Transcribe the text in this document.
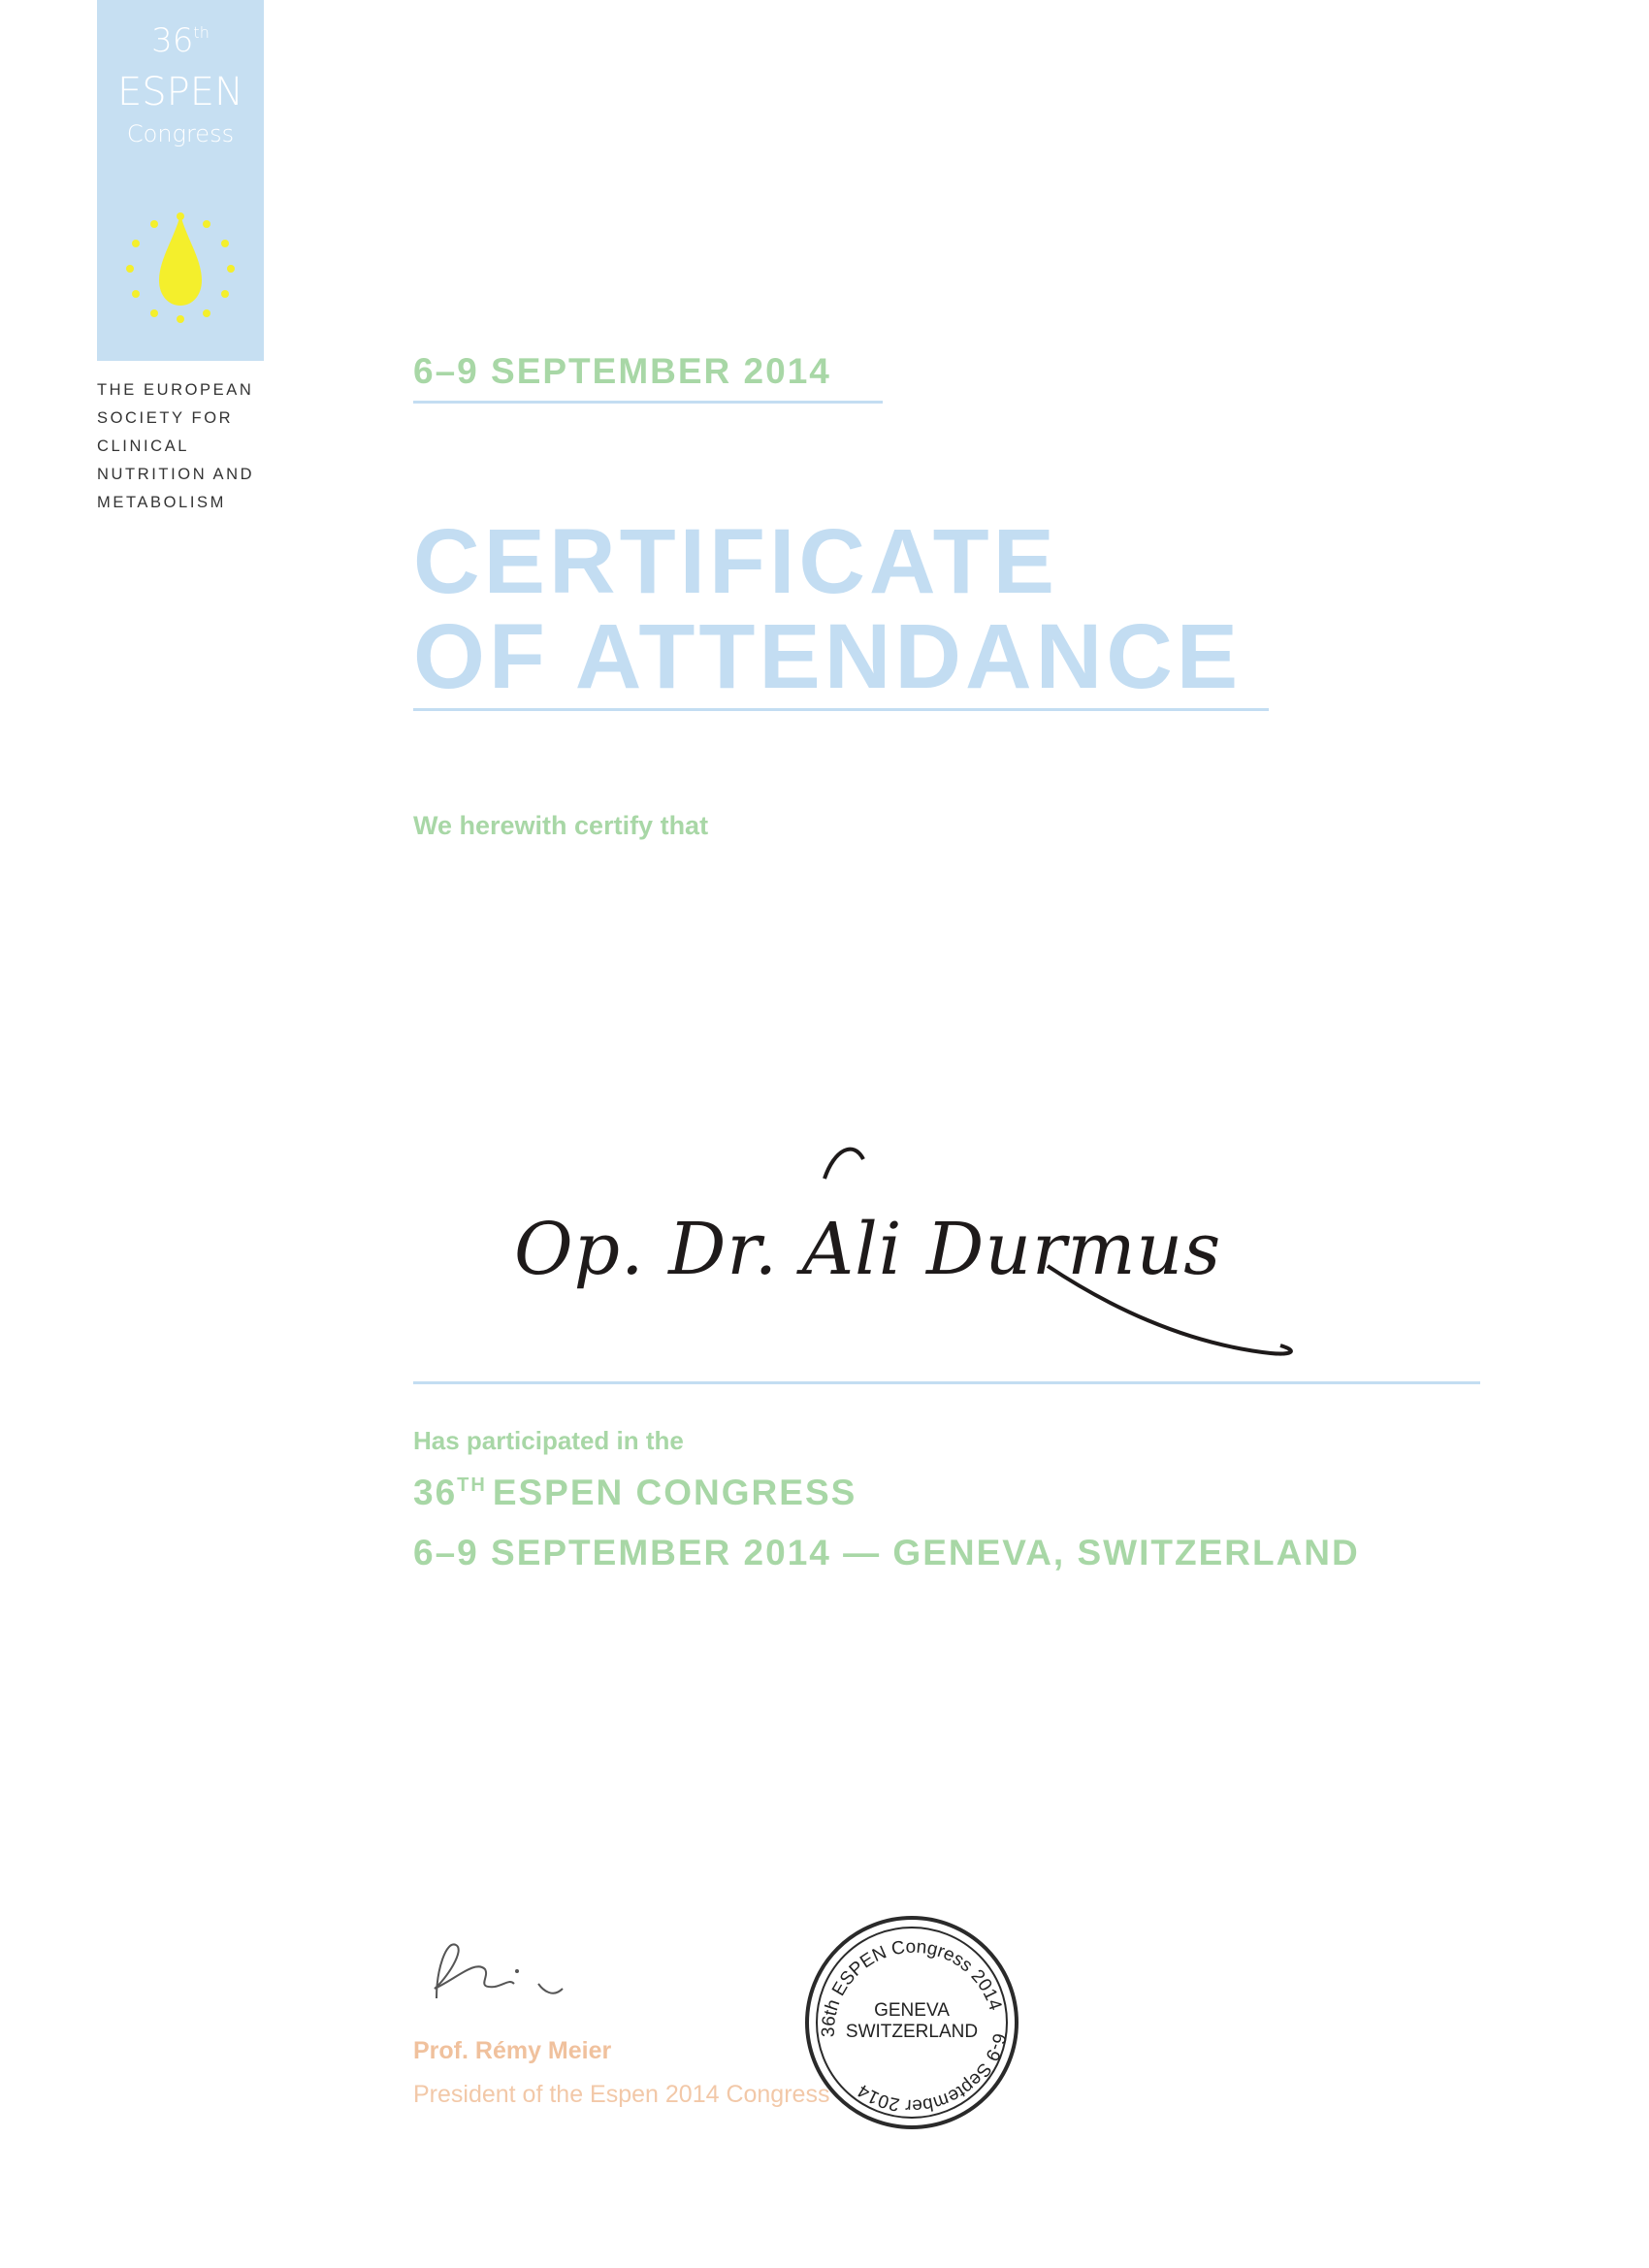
36th
ESPEN
Congress
THE EUROPEAN
SOCIETY FOR
CLINICAL
NUTRITION AND
METABOLISM
6–9 SEPTEMBER 2014
CERTIFICATE
OF ATTENDANCE
We herewith certify that
Op. Dr. Ali Durmus
Has participated in the
36TH ESPEN CONGRESS
6–9 SEPTEMBER 2014 — GENEVA, SWITZERLAND
Prof. Rémy Meier
President of the Espen 2014 Congress
36th ESPEN Congress 2014
6-9 September 2014
GENEVA
SWITZERLAND
